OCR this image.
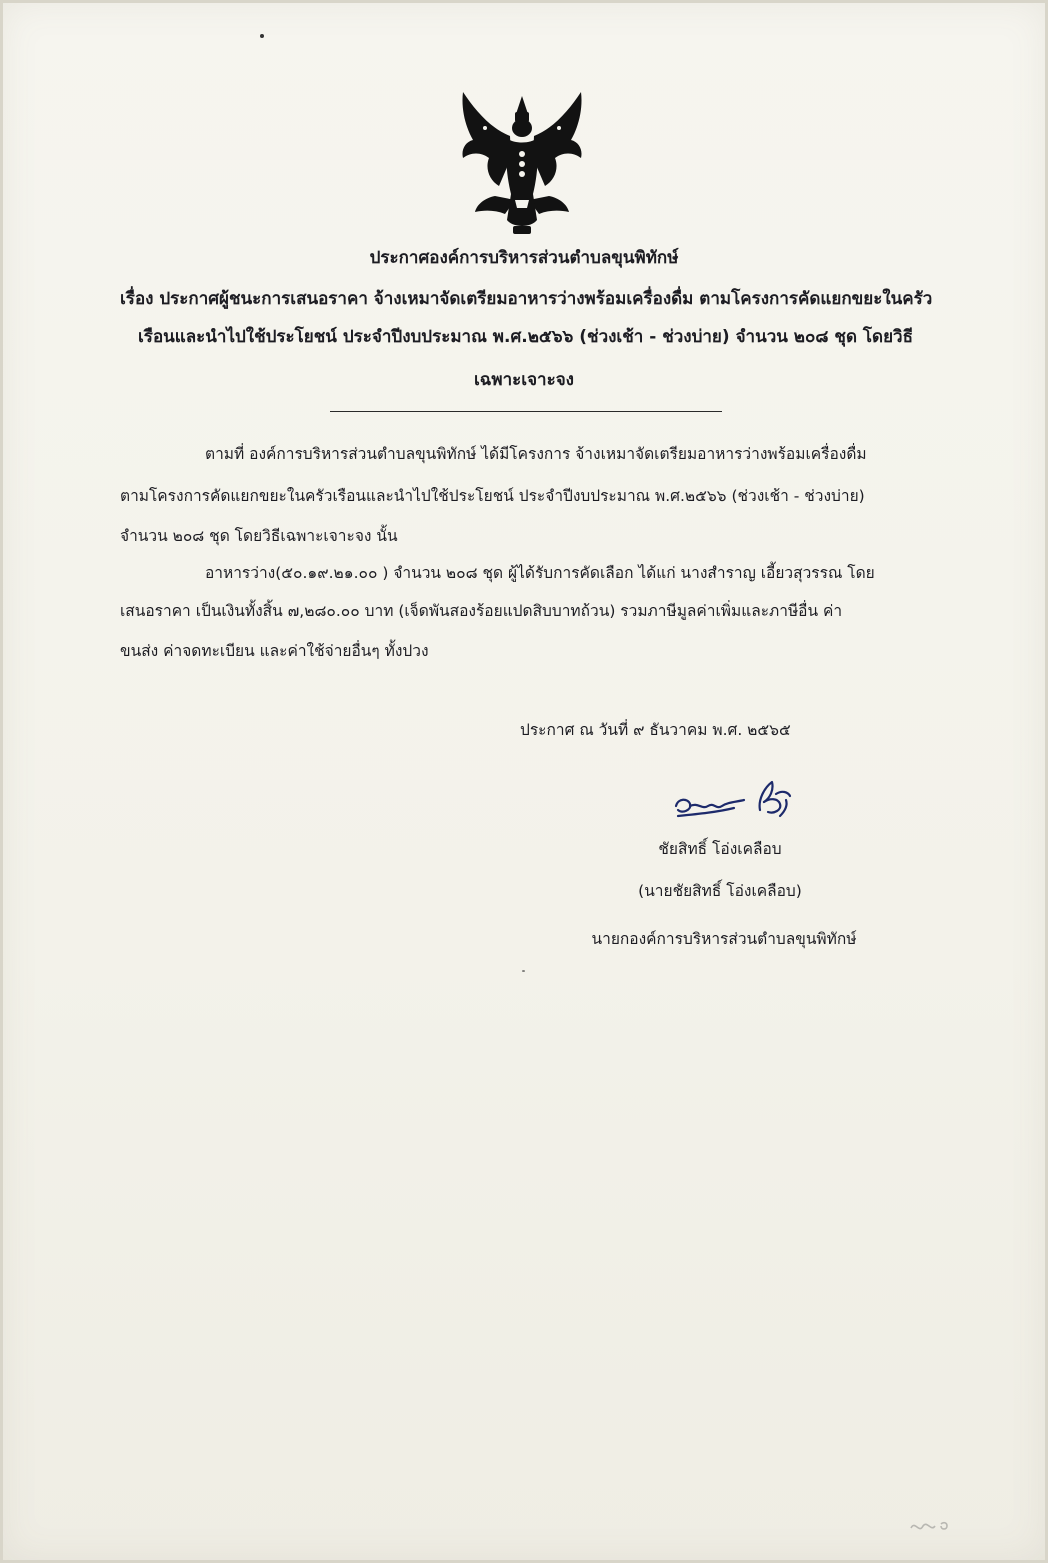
ประกาศองค์การบริหารส่วนตำบลขุนพิทักษ์
เรื่อง ประกาศผู้ชนะการเสนอราคา จ้างเหมาจัดเตรียมอาหารว่างพร้อมเครื่องดื่ม ตามโครงการคัดแยกขยะในครัว
เรือนและนำไปใช้ประโยชน์ ประจำปีงบประมาณ พ.ศ.๒๕๖๖ (ช่วงเช้า - ช่วงบ่าย) จำนวน ๒๐๘ ชุด โดยวิธี
เฉพาะเจาะจง
ตามที่ องค์การบริหารส่วนตำบลขุนพิทักษ์ ได้มีโครงการ จ้างเหมาจัดเตรียมอาหารว่างพร้อมเครื่องดื่ม
ตามโครงการคัดแยกขยะในครัวเรือนและนำไปใช้ประโยชน์ ประจำปีงบประมาณ พ.ศ.๒๕๖๖ (ช่วงเช้า - ช่วงบ่าย)
จำนวน ๒๐๘ ชุด โดยวิธีเฉพาะเจาะจง นั้น
อาหารว่าง(๕๐.๑๙.๒๑.๐๐ ) จำนวน ๒๐๘ ชุด ผู้ได้รับการคัดเลือก ได้แก่ นางสำราญ เอี้ยวสุวรรณ โดย
เสนอราคา เป็นเงินทั้งสิ้น ๗,๒๘๐.๐๐ บาท (เจ็ดพันสองร้อยแปดสิบบาทถ้วน) รวมภาษีมูลค่าเพิ่มและภาษีอื่น ค่า
ขนส่ง ค่าจดทะเบียน และค่าใช้จ่ายอื่นๆ ทั้งปวง
ประกาศ ณ วันที่ ๙ ธันวาคม พ.ศ. ๒๕๖๕
ชัยสิทธิ์ โอ่งเคลือบ
(นายชัยสิทธิ์ โอ่งเคลือบ)
นายกองค์การบริหารส่วนตำบลขุนพิทักษ์
